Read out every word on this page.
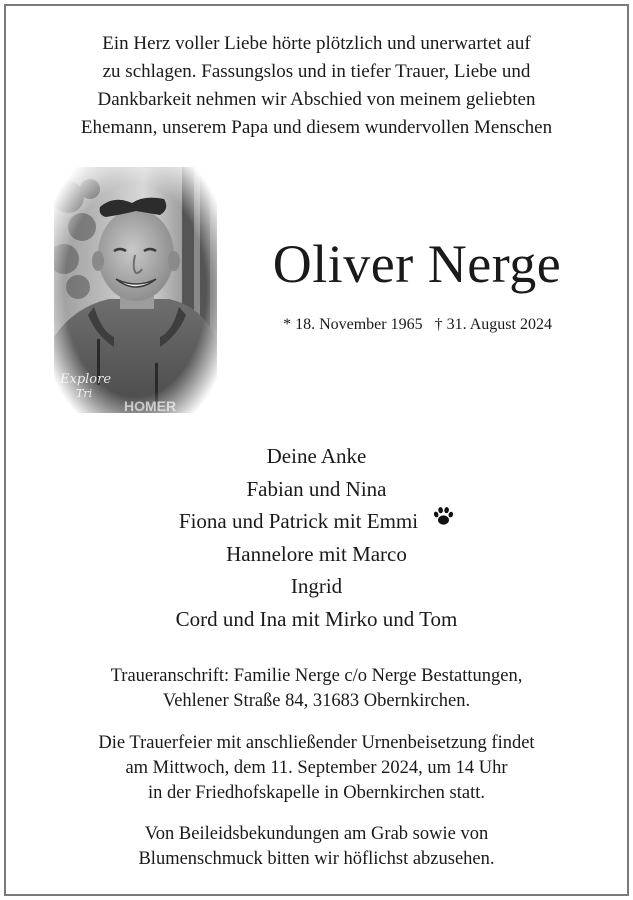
Ein Herz voller Liebe hörte plötzlich und unerwartet auf
zu schlagen. Fassungslos und in tiefer Trauer, Liebe und
Dankbarkeit nehmen wir Abschied von meinem geliebten
Ehemann, unserem Papa und diesem wundervollen Menschen
Oliver Nerge
* 18. November 1965 † 31. August 2024
Deine Anke
Fabian und Nina
Fiona und Patrick mit Emmi
Hannelore mit Marco
Ingrid
Cord und Ina mit Mirko und Tom
Traueranschrift: Familie Nerge c/o Nerge Bestattungen,
Vehlener Straße 84, 31683 Obernkirchen.
Die Trauerfeier mit anschließender Urnenbeisetzung findet
am Mittwoch, dem 11. September 2024, um 14 Uhr
in der Friedhofskapelle in Obernkirchen statt.
Von Beileidsbekundungen am Grab sowie von
Blumenschmuck bitten wir höflichst abzusehen.
